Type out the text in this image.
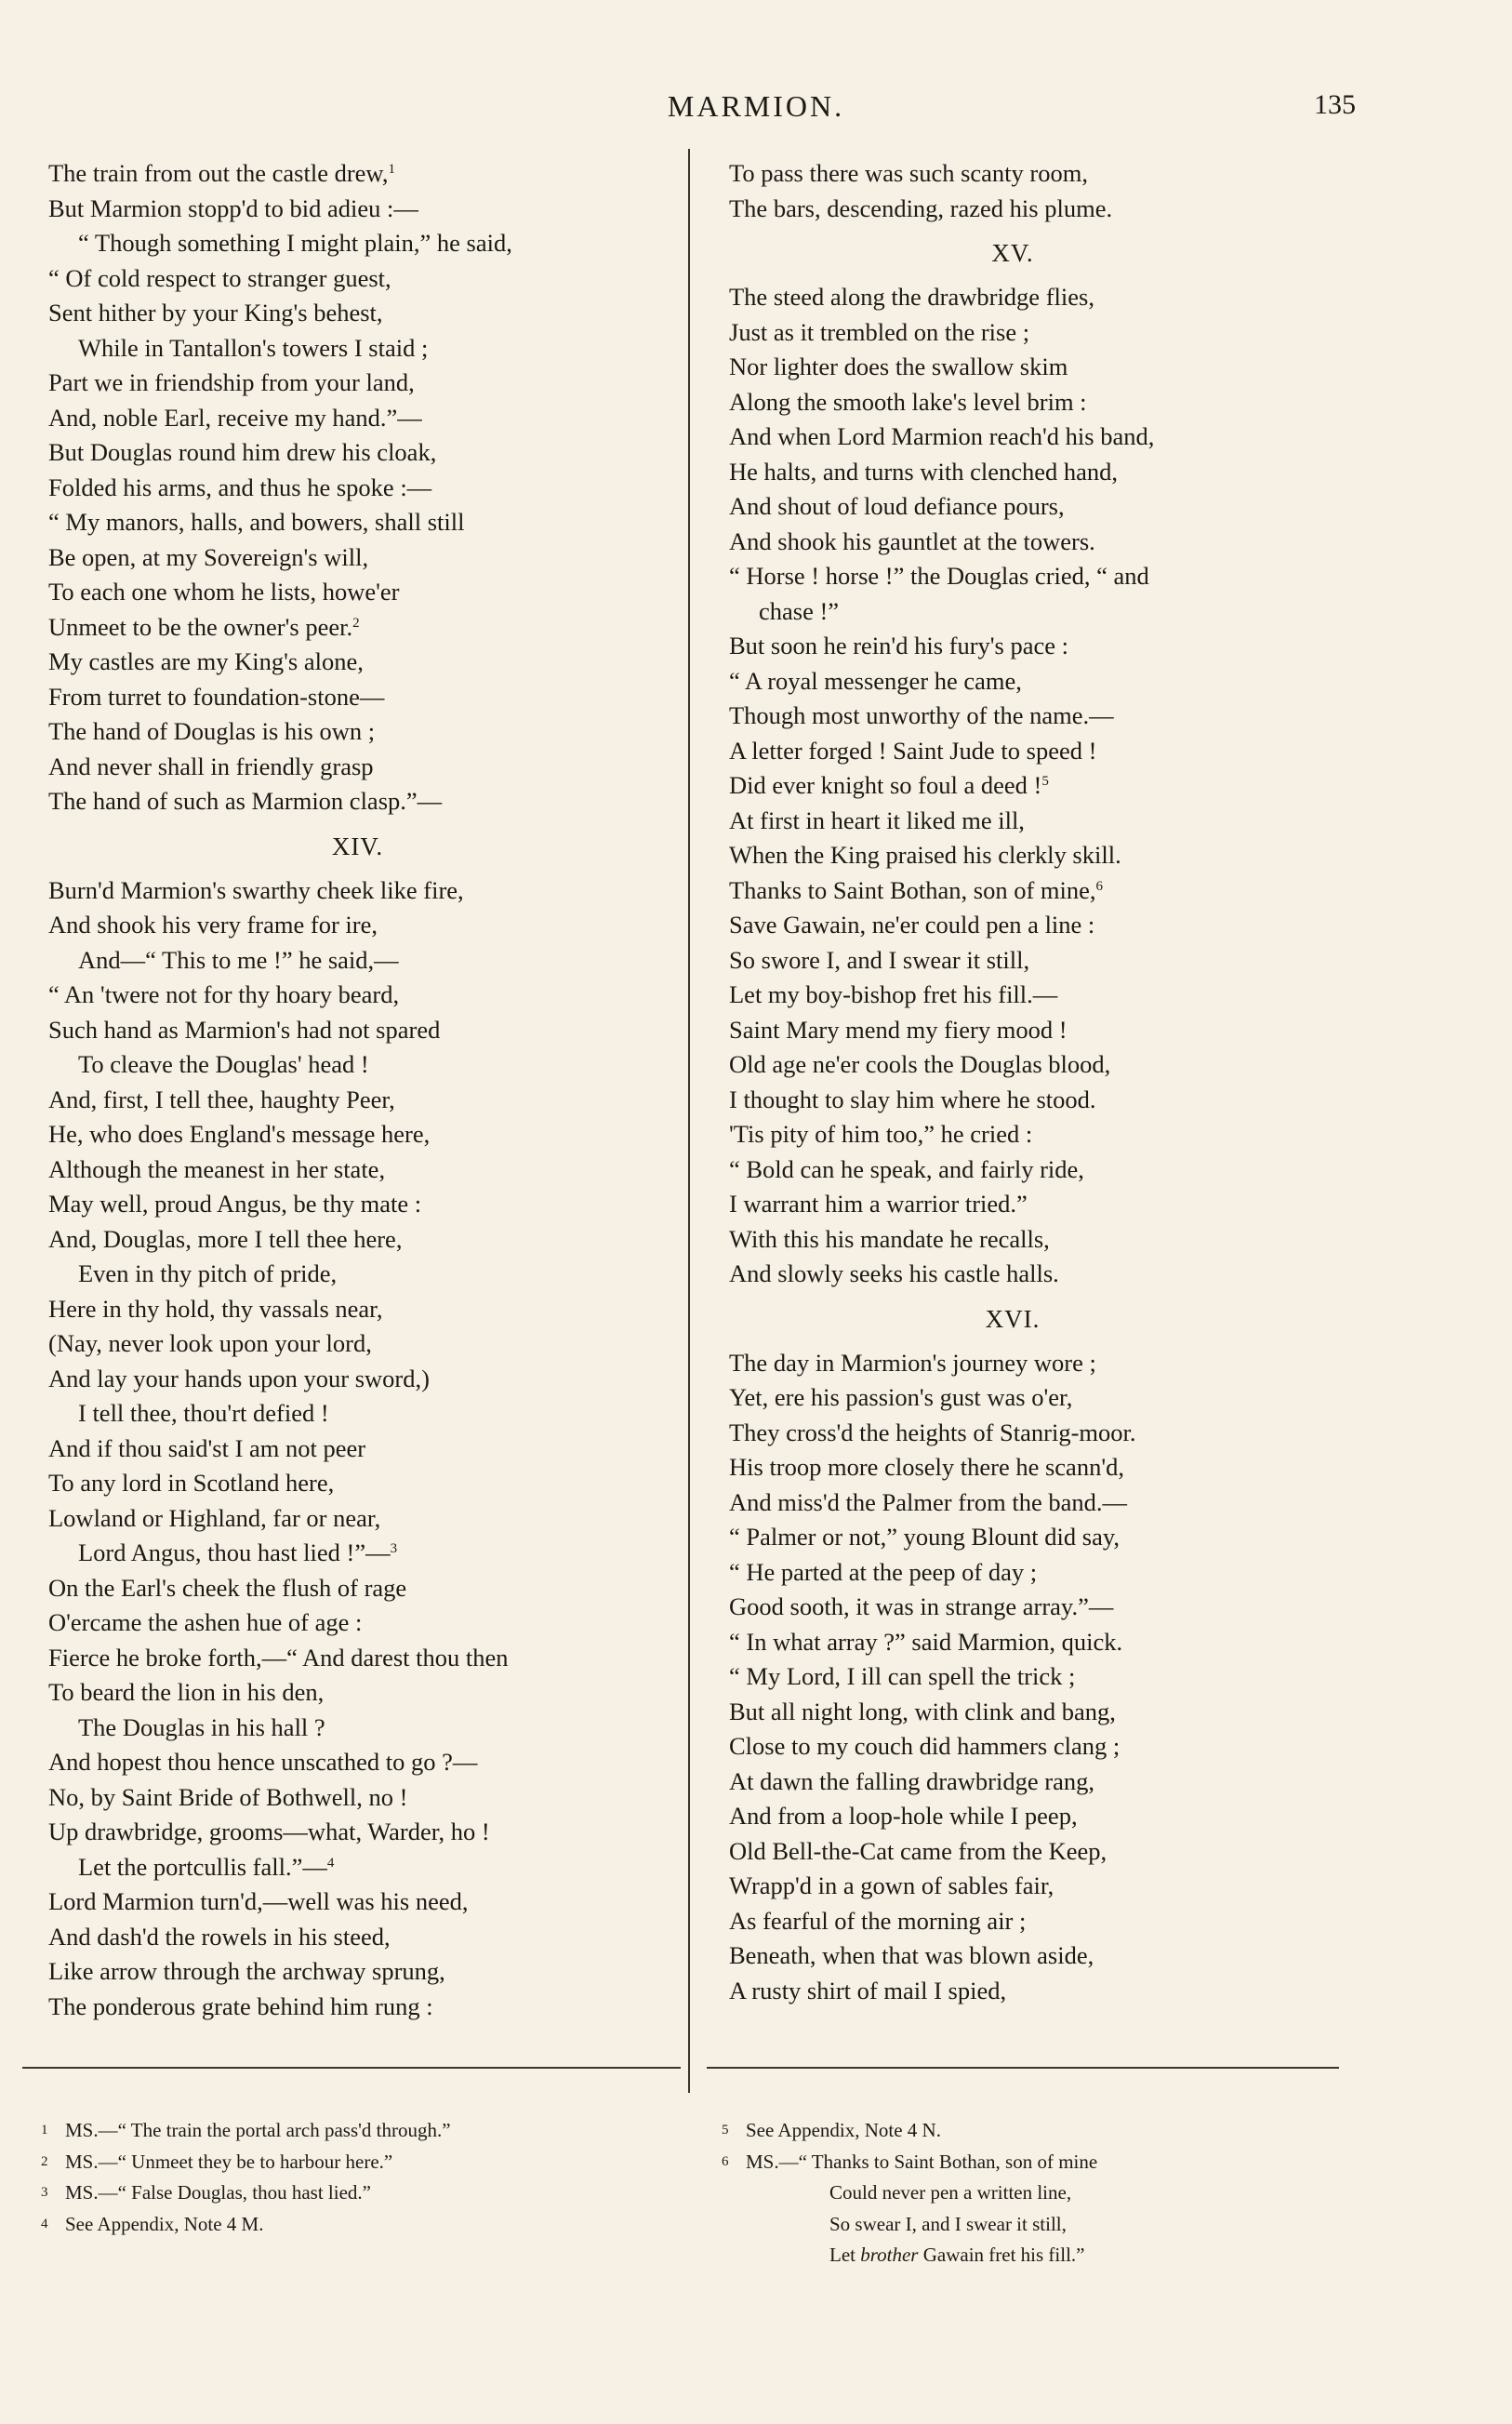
MARMION.	135
The train from out the castle drew,$^1$
But Marmion stopp'd to bid adieu :—
“ Though something I might plain,” he said,
“ Of cold respect to stranger guest,
Sent hither by your King's behest,
While in Tantallon's towers I staid ;
Part we in friendship from your land,
And, noble Earl, receive my hand.”—
But Douglas round him drew his cloak,
Folded his arms, and thus he spoke :—
“ My manors, halls, and bowers, shall still
Be open, at my Sovereign's will,
To each one whom he lists, howe'er
Unmeet to be the owner's peer.$^2$
My castles are my King's alone,
From turret to foundation-stone—
The hand of Douglas is his own ;
And never shall in friendly grasp
The hand of such as Marmion clasp.”—
XIV.
Burn'd Marmion's swarthy cheek like fire,
And shook his very frame for ire,
And—“ This to me !” he said,—
“ An 'twere not for thy hoary beard,
Such hand as Marmion's had not spared
To cleave the Douglas' head !
And, first, I tell thee, haughty Peer,
He, who does England's message here,
Although the meanest in her state,
May well, proud Angus, be thy mate :
And, Douglas, more I tell thee here,
Even in thy pitch of pride,
Here in thy hold, thy vassals near,
(Nay, never look upon your lord,
And lay your hands upon your sword,)
I tell thee, thou'rt defied !
And if thou said'st I am not peer
To any lord in Scotland here,
Lowland or Highland, far or near,
Lord Angus, thou hast lied !”—$^3$
On the Earl's cheek the flush of rage
O'ercame the ashen hue of age :
Fierce he broke forth,—“ And darest thou then
To beard the lion in his den,
The Douglas in his hall ?
And hopest thou hence unscathed to go ?—
No, by Saint Bride of Bothwell, no !
Up drawbridge, grooms—what, Warder, ho !
Let the portcullis fall.”—$^4$
Lord Marmion turn'd,—well was his need,
And dash'd the rowels in his steed,
Like arrow through the archway sprung,
The ponderous grate behind him rung :
To pass there was such scanty room,
The bars, descending, razed his plume.
XV.
The steed along the drawbridge flies,
Just as it trembled on the rise ;
Nor lighter does the swallow skim
Along the smooth lake's level brim :
And when Lord Marmion reach'd his band,
He halts, and turns with clenched hand,
And shout of loud defiance pours,
And shook his gauntlet at the towers.
“ Horse ! horse !” the Douglas cried, “ and
chase !”
But soon he rein'd his fury's pace :
“ A royal messenger he came,
Though most unworthy of the name.—
A letter forged ! Saint Jude to speed !
Did ever knight so foul a deed !$^5$
At first in heart it liked me ill,
When the King praised his clerkly skill.
Thanks to Saint Bothan, son of mine,$^6$
Save Gawain, ne'er could pen a line :
So swore I, and I swear it still,
Let my boy-bishop fret his fill.—
Saint Mary mend my fiery mood !
Old age ne'er cools the Douglas blood,
I thought to slay him where he stood.
'Tis pity of him too,” he cried :
“ Bold can he speak, and fairly ride,
I warrant him a warrior tried.”
With this his mandate he recalls,
And slowly seeks his castle halls.
XVI.
The day in Marmion's journey wore ;
Yet, ere his passion's gust was o'er,
They cross'd the heights of Stanrig-moor.
His troop more closely there he scann'd,
And miss'd the Palmer from the band.—
“ Palmer or not,” young Blount did say,
“ He parted at the peep of day ;
Good sooth, it was in strange array.”—
“ In what array ?” said Marmion, quick.
“ My Lord, I ill can spell the trick ;
But all night long, with clink and bang,
Close to my couch did hammers clang ;
At dawn the falling drawbridge rang,
And from a loop-hole while I peep,
Old Bell-the-Cat came from the Keep,
Wrapp'd in a gown of sables fair,
As fearful of the morning air ;
Beneath, when that was blown aside,
A rusty shirt of mail I spied,
1 MS.—“ The train the portal arch pass'd through.”
2 MS.—“ Unmeet they be to harbour here.”
3 MS.—“ False Douglas, thou hast lied.”
4 See Appendix, Note 4 M.
5 See Appendix, Note 4 N.
6 MS.—“ Thanks to Saint Bothan, son of mine
Could never pen a written line,
So swear I, and I swear it still,
Let brother Gawain fret his fill.”
